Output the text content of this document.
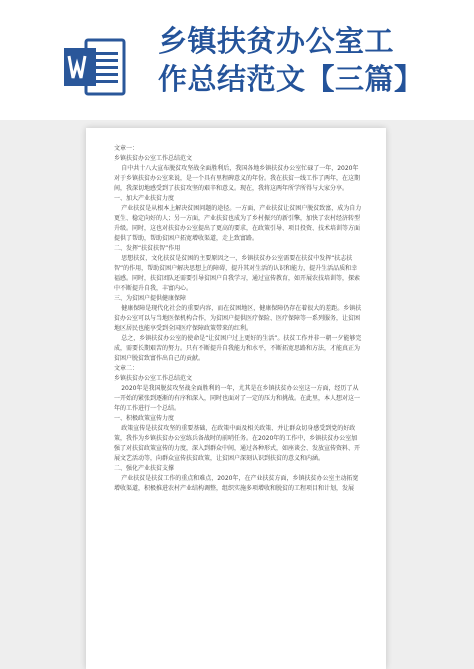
乡镇扶贫办公室工
作总结范文【三篇】

文章一：

乡镇扶贫办公室工作总结范文

自中共十八大宣布脱贫攻坚战全面胜利后，我国各地乡镇扶贫办公室忙碌了一年，2020年对于乡镇扶贫办公室来说，是一个具有里程碑意义的年份。我在扶贫一线工作了两年，在这期间，我深切地感受到了扶贫攻坚的艰辛和意义。现在，我将这两年所学所得与大家分享。

一、加大产业扶贫力度

产业扶贫是从根本上解决贫困问题的途径。一方面，产业扶贫让贫困户脱贫致富，成为自力更生、稳定向好的人；另一方面，产业扶贫也成为了乡村振兴的新引擎，加快了农村经济转型升级。同时，这也对扶贫办公室提出了更高的要求，在政策引导、项目投资、技术培训等方面提供了帮助，帮助贫困户拓宽增收渠道，走上致富路。

二、发挥“扶贫扶智”作用

思想扶贫，文化扶贫是贫困的主要原因之一，乡镇扶贫办公室需要在扶贫中发挥“扶志扶智”的作用，帮助贫困户解决思想上的障碍，提升其对生活的认识和能力，提升生活品质和幸福感。同时，扶贫团队还需要引导贫困户自我学习，通过宣传教育，如开展农技培训等，探索中不断提升自我，丰富内心。

三、为贫困户提供健康保障

健康保障是现代化社会的重要内容，而在贫困地区，健康保障仍存在着很大的差距。乡镇扶贫办公室可以与当地医保机构合作，为贫困户提供医疗保险、医疗保障等一系列服务，让贫困地区居民也能享受到全国医疗保障政策带来的红利。

总之，乡镇扶贫办公室的使命是“让贫困户过上更好的生活”。扶贫工作并非一朝一夕能够完成，需要长期艰苦的努力。只有不断提升自我能力和水平，不断拓宽思路和方法，才能真正为贫困户脱贫致富作出自己的贡献。

文章二：

乡镇扶贫办公室工作总结范文

2020年是我国脱贫攻坚战全面胜利的一年，尤其是在乡镇扶贫办公室这一方面，经历了从一开始的紧张到逐渐的有序和深入，同时也面对了一定的压力和挑战。在此里，本人想对这一年的工作进行一个总结。

一、积极政策宣传力度

政策宣传是扶贫攻坚的重要基础，在政策中面及相关政策、并让群众切身感受到党的好政策，我作为乡镇扶贫办公室练兵备战时的前哨任务。在2020年的工作中，乡镇扶贫办公室加强了对扶贫政策宣传的力度，深入到群众中间，通过各种形式，如座谈会、发放宣传资料、开展文艺活动等，向群众宣传扶贫政策，让贫困户深刻认识到扶贫的意义和内涵。

二、强化产业扶贫支撑

产业扶贫是扶贫工作的重点和难点，2020年，在产业扶贫方面，乡镇扶贫办公室主动拓宽增收渠道，积极推进农村产业结构调整，组织实施多项增收和脱贫的工程项目和计划，发展
